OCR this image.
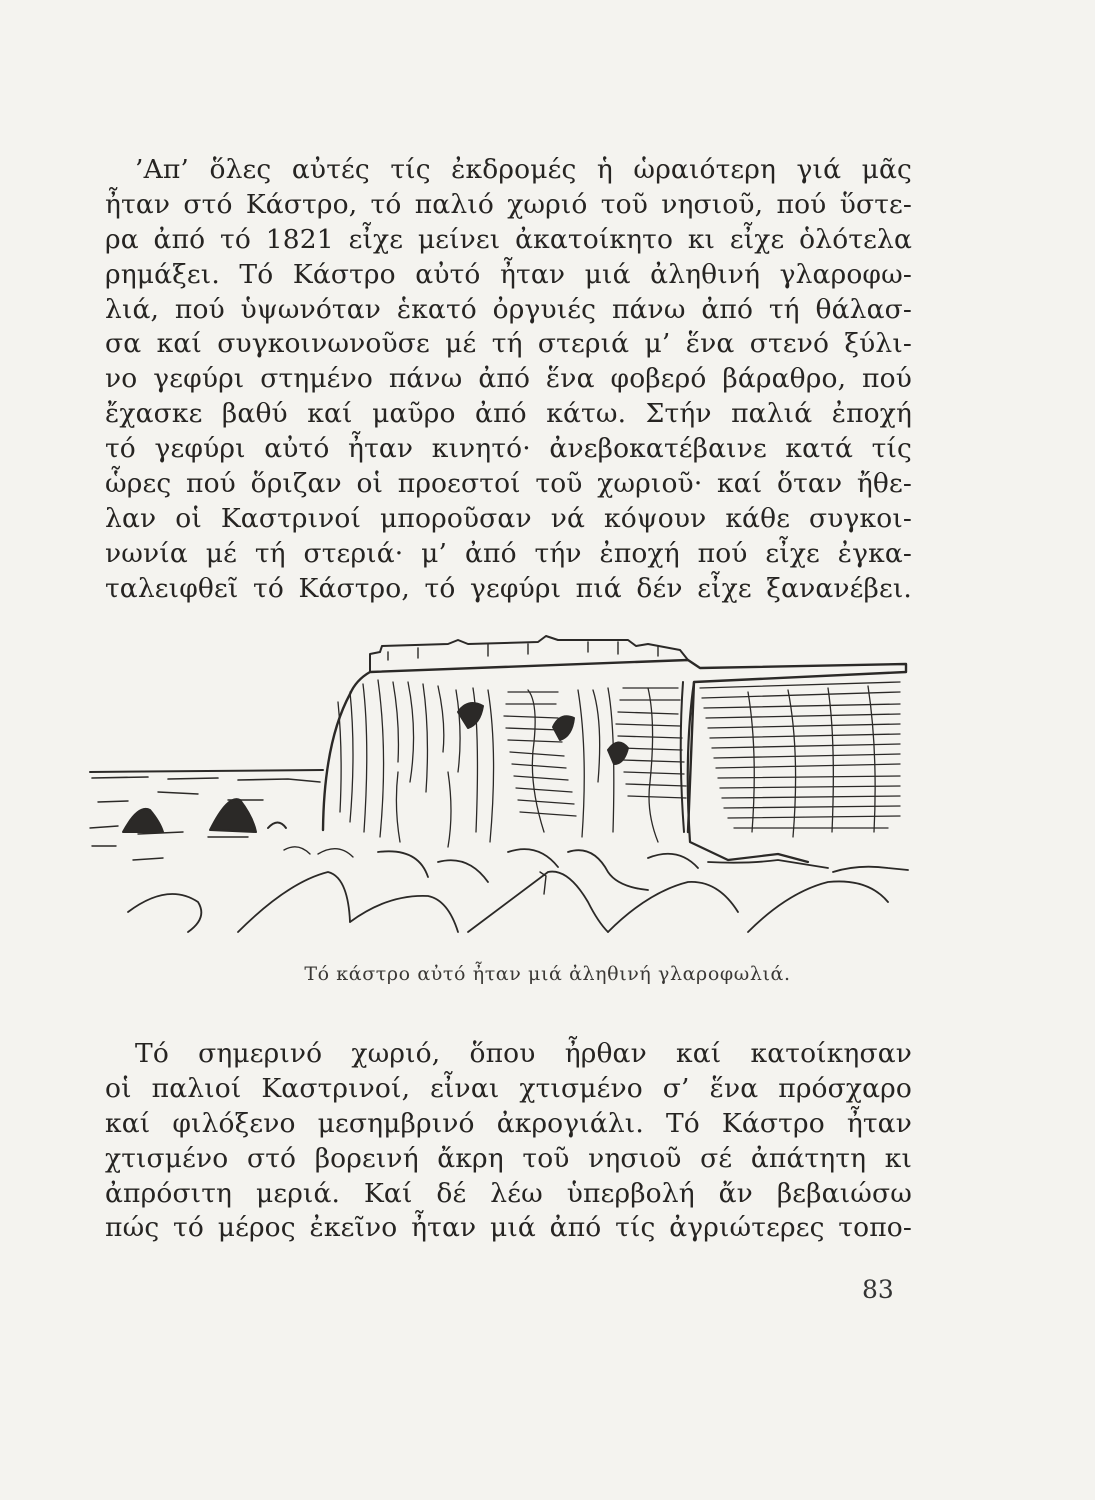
’Απ’ ὅλες αὐτές τίς ἐκδρομές ἡ ὡραιότερη γιά μᾶς
ἦταν στό Κάστρο, τό παλιό χωριό τοῦ νησιοῦ, πού ὕστε-
ρα ἀπό τό 1821 εἶχε μείνει ἀκατοίκητο κι εἶχε ὁλότελα
ρημάξει. Τό Κάστρο αὐτό ἦταν μιά ἀληθινή γλαροφω-
λιά, πού ὑψωνόταν ἑκατό ὀργυιές πάνω ἀπό τή θάλασ-
σα καί συγκοινωνοῦσε μέ τή στεριά μ’ ἕνα στενό ξύλι-
νο γεφύρι στημένο πάνω ἀπό ἕνα φοβερό βάραθρο, πού
ἔχασκε βαθύ καί μαῦρο ἀπό κάτω. Στήν παλιά ἐποχή
τό γεφύρι αὐτό ἦταν κινητό· ἀνεβοκατέβαινε κατά τίς
ὧρες πού ὅριζαν οἱ προεστοί τοῦ χωριοῦ· καί ὅταν ἤθε-
λαν οἱ Καστρινοί μποροῦσαν νά κόψουν κάθε συγκοι-
νωνία μέ τή στεριά· μ’ ἀπό τήν ἐποχή πού εἶχε ἐγκα-
ταλειφθεῖ τό Κάστρο, τό γεφύρι πιά δέν εἶχε ξανανέβει.
Τό κάστρο αὐτό ἦταν μιά ἀληθινή γλαροφωλιά.
Τό σημερινό χωριό, ὅπου ἦρθαν καί κατοίκησαν
οἱ παλιοί Καστρινοί, εἶναι χτισμένο σ’ ἕνα πρόσχαρο
καί φιλόξενο μεσημβρινό ἀκρογιάλι. Τό Κάστρο ἦταν
χτισμένο στό βορεινή ἄκρη τοῦ νησιοῦ σέ ἀπάτητη κι
ἀπρόσιτη μεριά. Καί δέ λέω ὑπερβολή ἄν βεβαιώσω
πώς τό μέρος ἐκεῖνο ἦταν μιά ἀπό τίς ἀγριώτερες τοπο-
83
